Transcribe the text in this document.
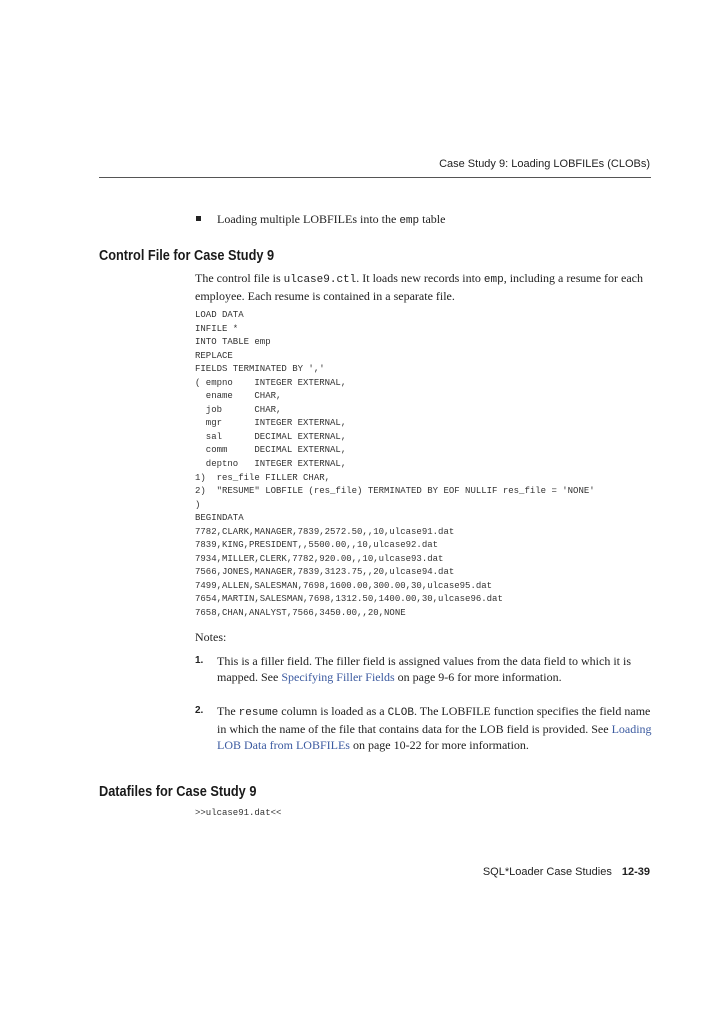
Case Study 9: Loading LOBFILEs (CLOBs)
Loading multiple LOBFILEs into the emp table
Control File for Case Study 9
The control file is ulcase9.ctl. It loads new records into emp, including a resume for each employee. Each resume is contained in a separate file.
LOAD DATA
INFILE *
INTO TABLE emp
REPLACE
FIELDS TERMINATED BY ','
( empno    INTEGER EXTERNAL,
ename    CHAR,
job      CHAR,
mgr      INTEGER EXTERNAL,
sal      DECIMAL EXTERNAL,
comm     DECIMAL EXTERNAL,
deptno   INTEGER EXTERNAL,
1)  res_file FILLER CHAR,
2)  "RESUME" LOBFILE (res_file) TERMINATED BY EOF NULLIF res_file = 'NONE'
)
BEGINDATA
7782,CLARK,MANAGER,7839,2572.50,,10,ulcase91.dat
7839,KING,PRESIDENT,,5500.00,,10,ulcase92.dat
7934,MILLER,CLERK,7782,920.00,,10,ulcase93.dat
7566,JONES,MANAGER,7839,3123.75,,20,ulcase94.dat
7499,ALLEN,SALESMAN,7698,1600.00,300.00,30,ulcase95.dat
7654,MARTIN,SALESMAN,7698,1312.50,1400.00,30,ulcase96.dat
7658,CHAN,ANALYST,7566,3450.00,,20,NONE
Notes:
1. This is a filler field. The filler field is assigned values from the data field to which it is mapped. See Specifying Filler Fields on page 9-6 for more information.
2. The resume column is loaded as a CLOB. The LOBFILE function specifies the field name in which the name of the file that contains data for the LOB field is provided. See Loading LOB Data from LOBFILEs on page 10-22 for more information.
Datafiles for Case Study 9
>>ulcase91.dat<<
SQL*Loader Case Studies 12-39
